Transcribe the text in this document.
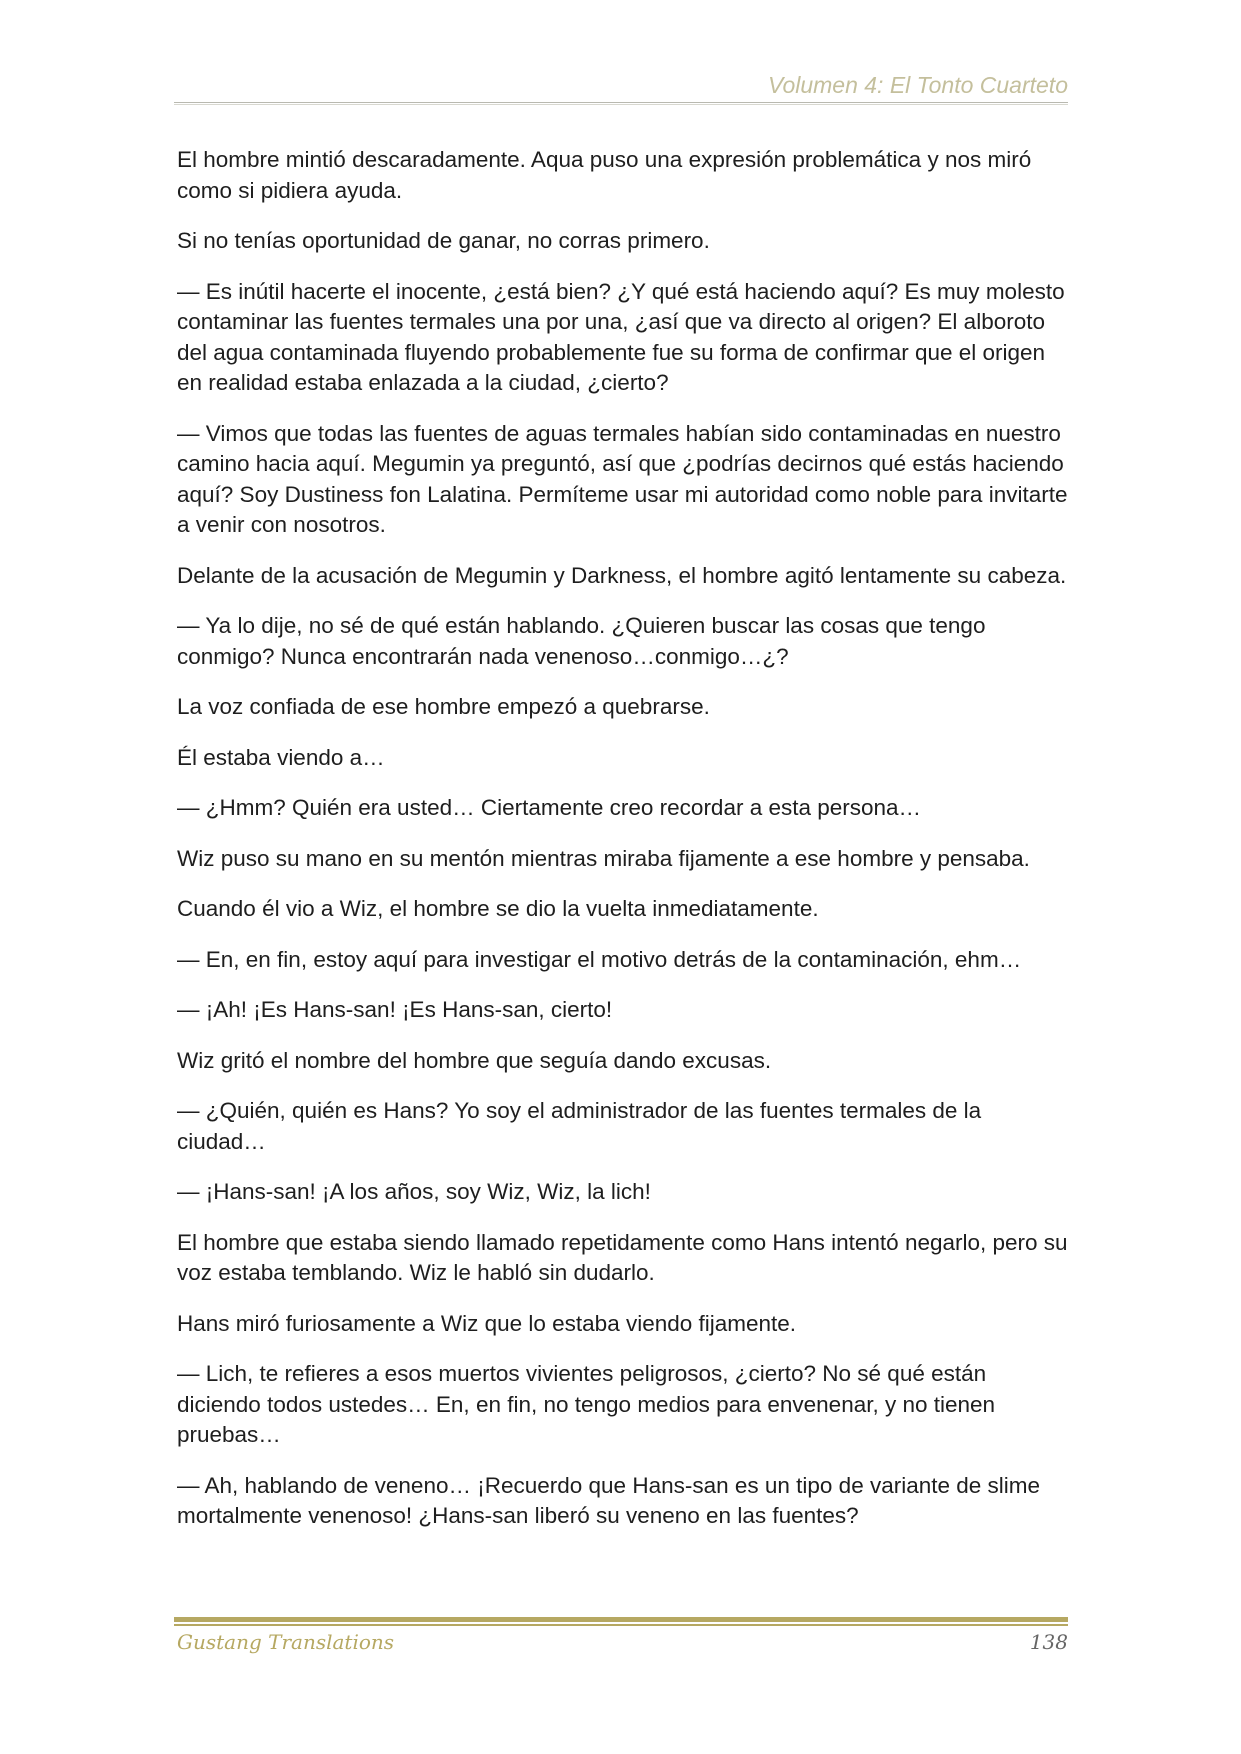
Volumen 4: El Tonto Cuarteto

El hombre mintió descaradamente. Aqua puso una expresión problemática y nos miró como si pidiera ayuda.

Si no tenías oportunidad de ganar, no corras primero.

— Es inútil hacerte el inocente, ¿está bien? ¿Y qué está haciendo aquí? Es muy molesto contaminar las fuentes termales una por una, ¿así que va directo al origen? El alboroto del agua contaminada fluyendo probablemente fue su forma de confirmar que el origen en realidad estaba enlazada a la ciudad, ¿cierto?

— Vimos que todas las fuentes de aguas termales habían sido contaminadas en nuestro camino hacia aquí. Megumin ya preguntó, así que ¿podrías decirnos qué estás haciendo aquí? Soy Dustiness fon Lalatina. Permíteme usar mi autoridad como noble para invitarte a venir con nosotros.

Delante de la acusación de Megumin y Darkness, el hombre agitó lentamente su cabeza.

— Ya lo dije, no sé de qué están hablando. ¿Quieren buscar las cosas que tengo conmigo? Nunca encontrarán nada venenoso…conmigo…¿?

La voz confiada de ese hombre empezó a quebrarse.

Él estaba viendo a…

— ¿Hmm? Quién era usted… Ciertamente creo recordar a esta persona…

Wiz puso su mano en su mentón mientras miraba fijamente a ese hombre y pensaba.

Cuando él vio a Wiz, el hombre se dio la vuelta inmediatamente.

— En, en fin, estoy aquí para investigar el motivo detrás de la contaminación, ehm…

— ¡Ah! ¡Es Hans-san! ¡Es Hans-san, cierto!

Wiz gritó el nombre del hombre que seguía dando excusas.

— ¿Quién, quién es Hans? Yo soy el administrador de las fuentes termales de la ciudad…

— ¡Hans-san! ¡A los años, soy Wiz, Wiz, la lich!

El hombre que estaba siendo llamado repetidamente como Hans intentó negarlo, pero su voz estaba temblando. Wiz le habló sin dudarlo.

Hans miró furiosamente a Wiz que lo estaba viendo fijamente.

— Lich, te refieres a esos muertos vivientes peligrosos, ¿cierto? No sé qué están diciendo todos ustedes… En, en fin, no tengo medios para envenenar, y no tienen pruebas…

— Ah, hablando de veneno… ¡Recuerdo que Hans-san es un tipo de variante de slime mortalmente venenoso! ¿Hans-san liberó su veneno en las fuentes?

Gustang Translations	138
